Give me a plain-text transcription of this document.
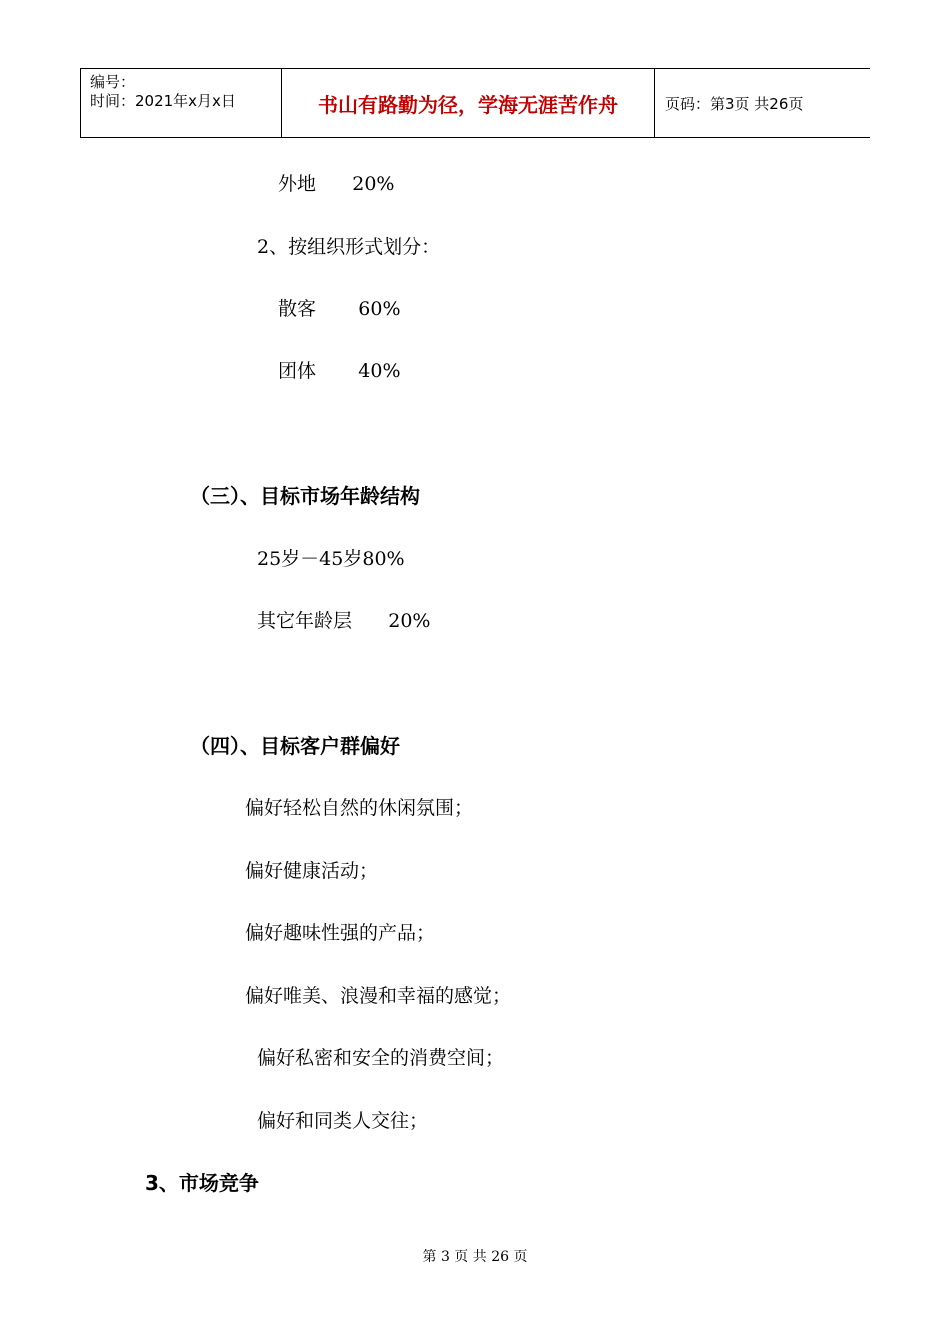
编号：
时间：2021年x月x日	书山有路勤为径，学海无涯苦作舟	页码：第3页 共26页
外地      20%
2、按组织形式划分：
散客       60%
团体       40%
（三）、目标市场年龄结构
25岁－45岁80%
其它年龄层      20%
（四）、目标客户群偏好
偏好轻松自然的休闲氛围；
偏好健康活动；
偏好趣味性强的产品；
偏好唯美、浪漫和幸福的感觉；
偏好私密和安全的消费空间；
偏好和同类人交往；
3、市场竞争
第 3 页 共 26 页
